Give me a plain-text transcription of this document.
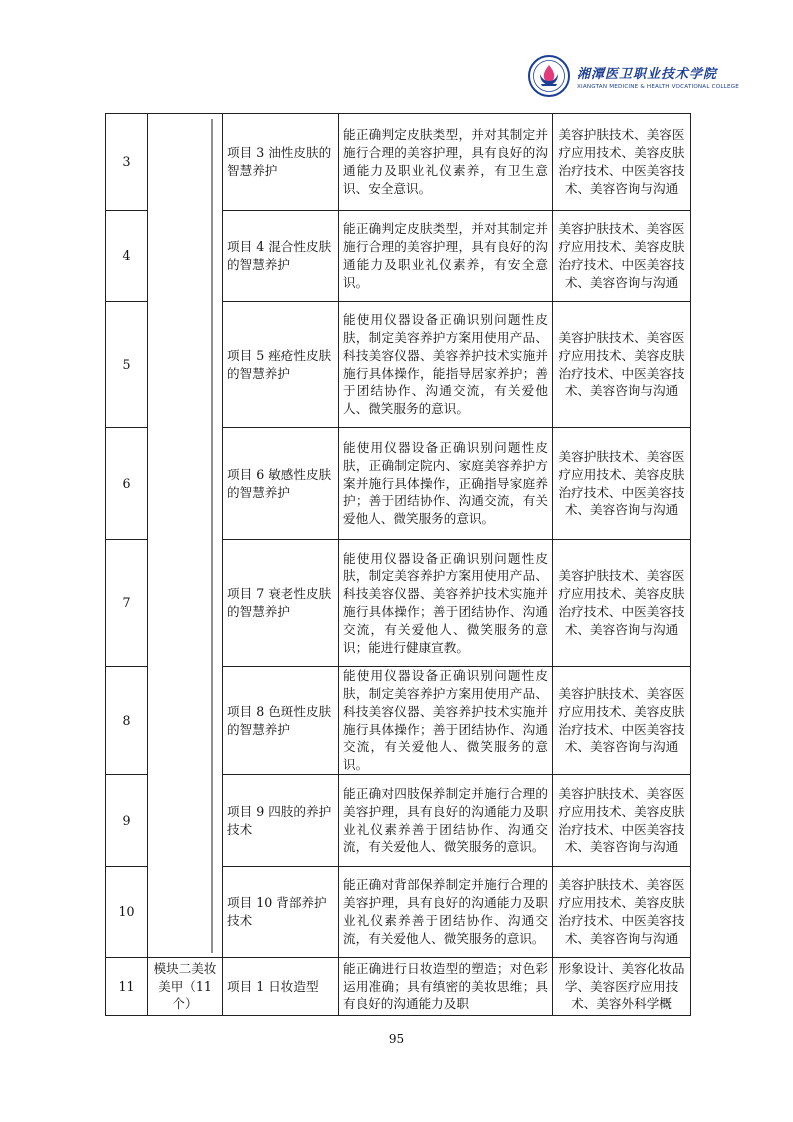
湘潭医卫职业技术学院
XIANGTAN MEDICINE & HEALTH VOCATIONAL COLLEGE
3		项目 3 油性皮肤的智慧养护	能正确判定皮肤类型，并对其制定并施行合理的美容护理，具有良好的沟通能力及职业礼仪素养，有卫生意识、安全意识。	美容护肤技术、美容医疗应用技术、美容皮肤治疗技术、中医美容技术、美容咨询与沟通
4		项目 4 混合性皮肤的智慧养护	能正确判定皮肤类型，并对其制定并施行合理的美容护理，具有良好的沟通能力及职业礼仪素养，有安全意识。	美容护肤技术、美容医疗应用技术、美容皮肤治疗技术、中医美容技术、美容咨询与沟通
5		项目 5 痤疮性皮肤的智慧养护	能使用仪器设备正确识别问题性皮肤，制定美容养护方案用使用产品、科技美容仪器、美容养护技术实施并施行具体操作，能指导居家养护；善于团结协作、沟通交流，有关爱他人、微笑服务的意识。	美容护肤技术、美容医疗应用技术、美容皮肤治疗技术、中医美容技术、美容咨询与沟通
6		项目 6 敏感性皮肤的智慧养护	能使用仪器设备正确识别问题性皮肤，正确制定院内、家庭美容养护方案并施行具体操作，正确指导家庭养护；善于团结协作、沟通交流，有关爱他人、微笑服务的意识。	美容护肤技术、美容医疗应用技术、美容皮肤治疗技术、中医美容技术、美容咨询与沟通
7		项目 7 衰老性皮肤的智慧养护	能使用仪器设备正确识别问题性皮肤，制定美容养护方案用使用产品、科技美容仪器、美容养护技术实施并施行具体操作；善于团结协作、沟通交流，有关爱他人、微笑服务的意识；能进行健康宣教。	美容护肤技术、美容医疗应用技术、美容皮肤治疗技术、中医美容技术、美容咨询与沟通
8		项目 8 色斑性皮肤的智慧养护	能使用仪器设备正确识别问题性皮肤，制定美容养护方案用使用产品、科技美容仪器、美容养护技术实施并施行具体操作；善于团结协作、沟通交流，有关爱他人、微笑服务的意识。	美容护肤技术、美容医疗应用技术、美容皮肤治疗技术、中医美容技术、美容咨询与沟通
9		项目 9 四肢的养护技术	能正确对四肢保养制定并施行合理的美容护理，具有良好的沟通能力及职业礼仪素养善于团结协作、沟通交流，有关爱他人、微笑服务的意识。	美容护肤技术、美容医疗应用技术、美容皮肤治疗技术、中医美容技术、美容咨询与沟通
10		项目 10 背部养护技术	能正确对背部保养制定并施行合理的美容护理，具有良好的沟通能力及职业礼仪素养善于团结协作、沟通交流，有关爱他人、微笑服务的意识。	美容护肤技术、美容医疗应用技术、美容皮肤治疗技术、中医美容技术、美容咨询与沟通
11	模块二美妆美甲（11 个）	项目 1 日妆造型	能正确进行日妆造型的塑造；对色彩运用准确；具有缜密的美妆思维；具有良好的沟通能力及职	形象设计、美容化妆品学、美容医疗应用技术、美容外科学概
95
